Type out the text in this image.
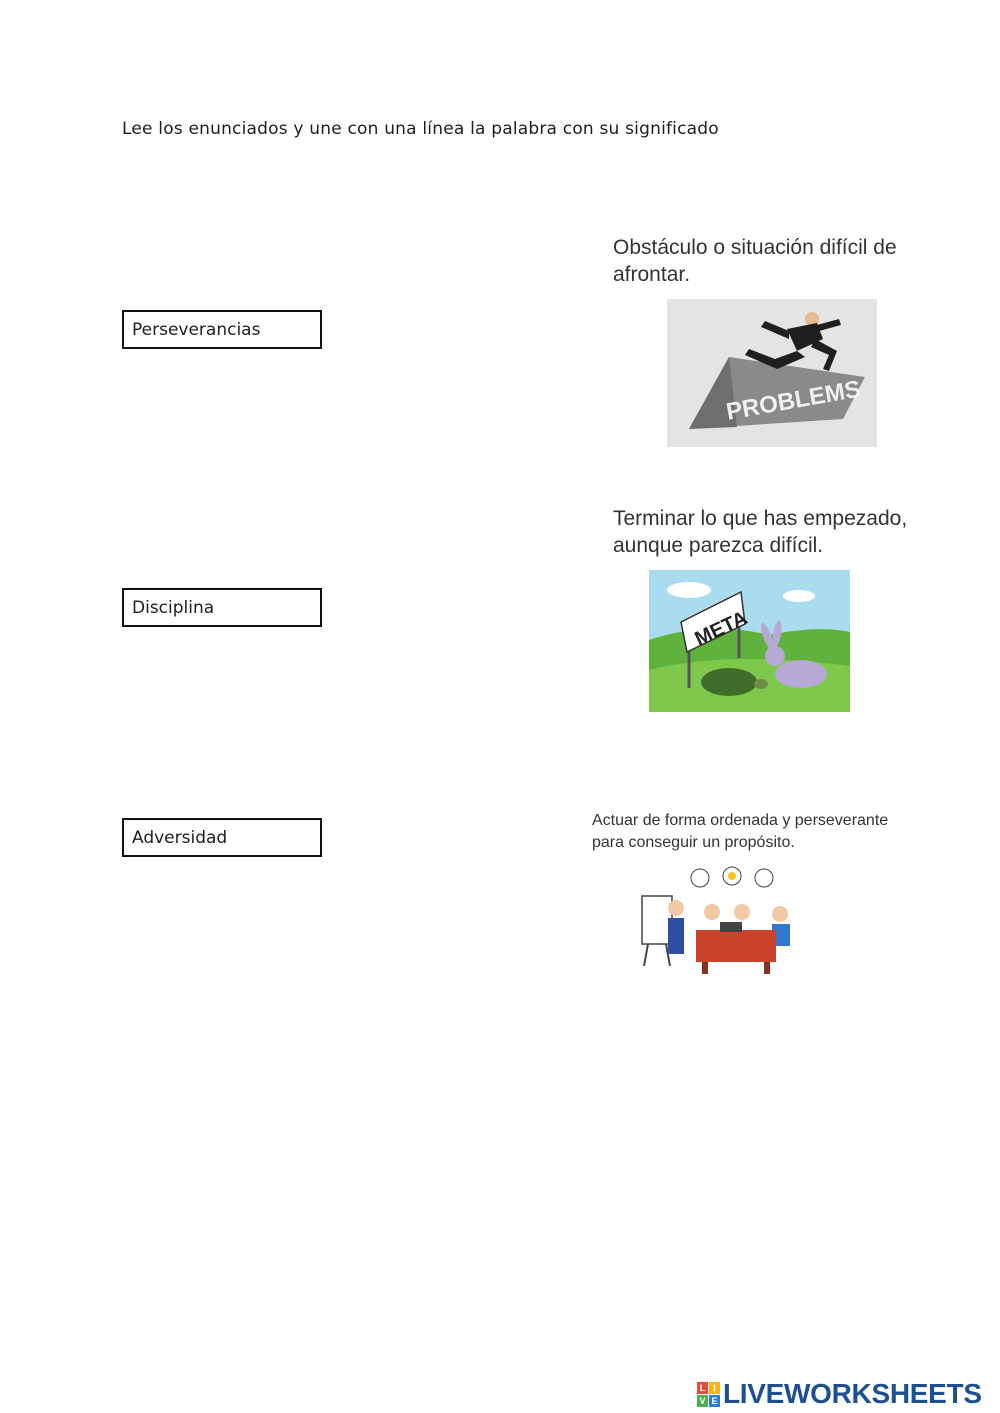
Lee los enunciados y une con una línea la palabra con su significado
Perseverancias
Disciplina
Adversidad
Obstáculo o situación difícil de
afrontar.
PROBLEMS
Terminar lo que has empezado,
aunque parezca difícil.
META
Actuar de forma ordenada y perseverante
para conseguir un propósito.
L I
V E LIVEWORKSHEETS
